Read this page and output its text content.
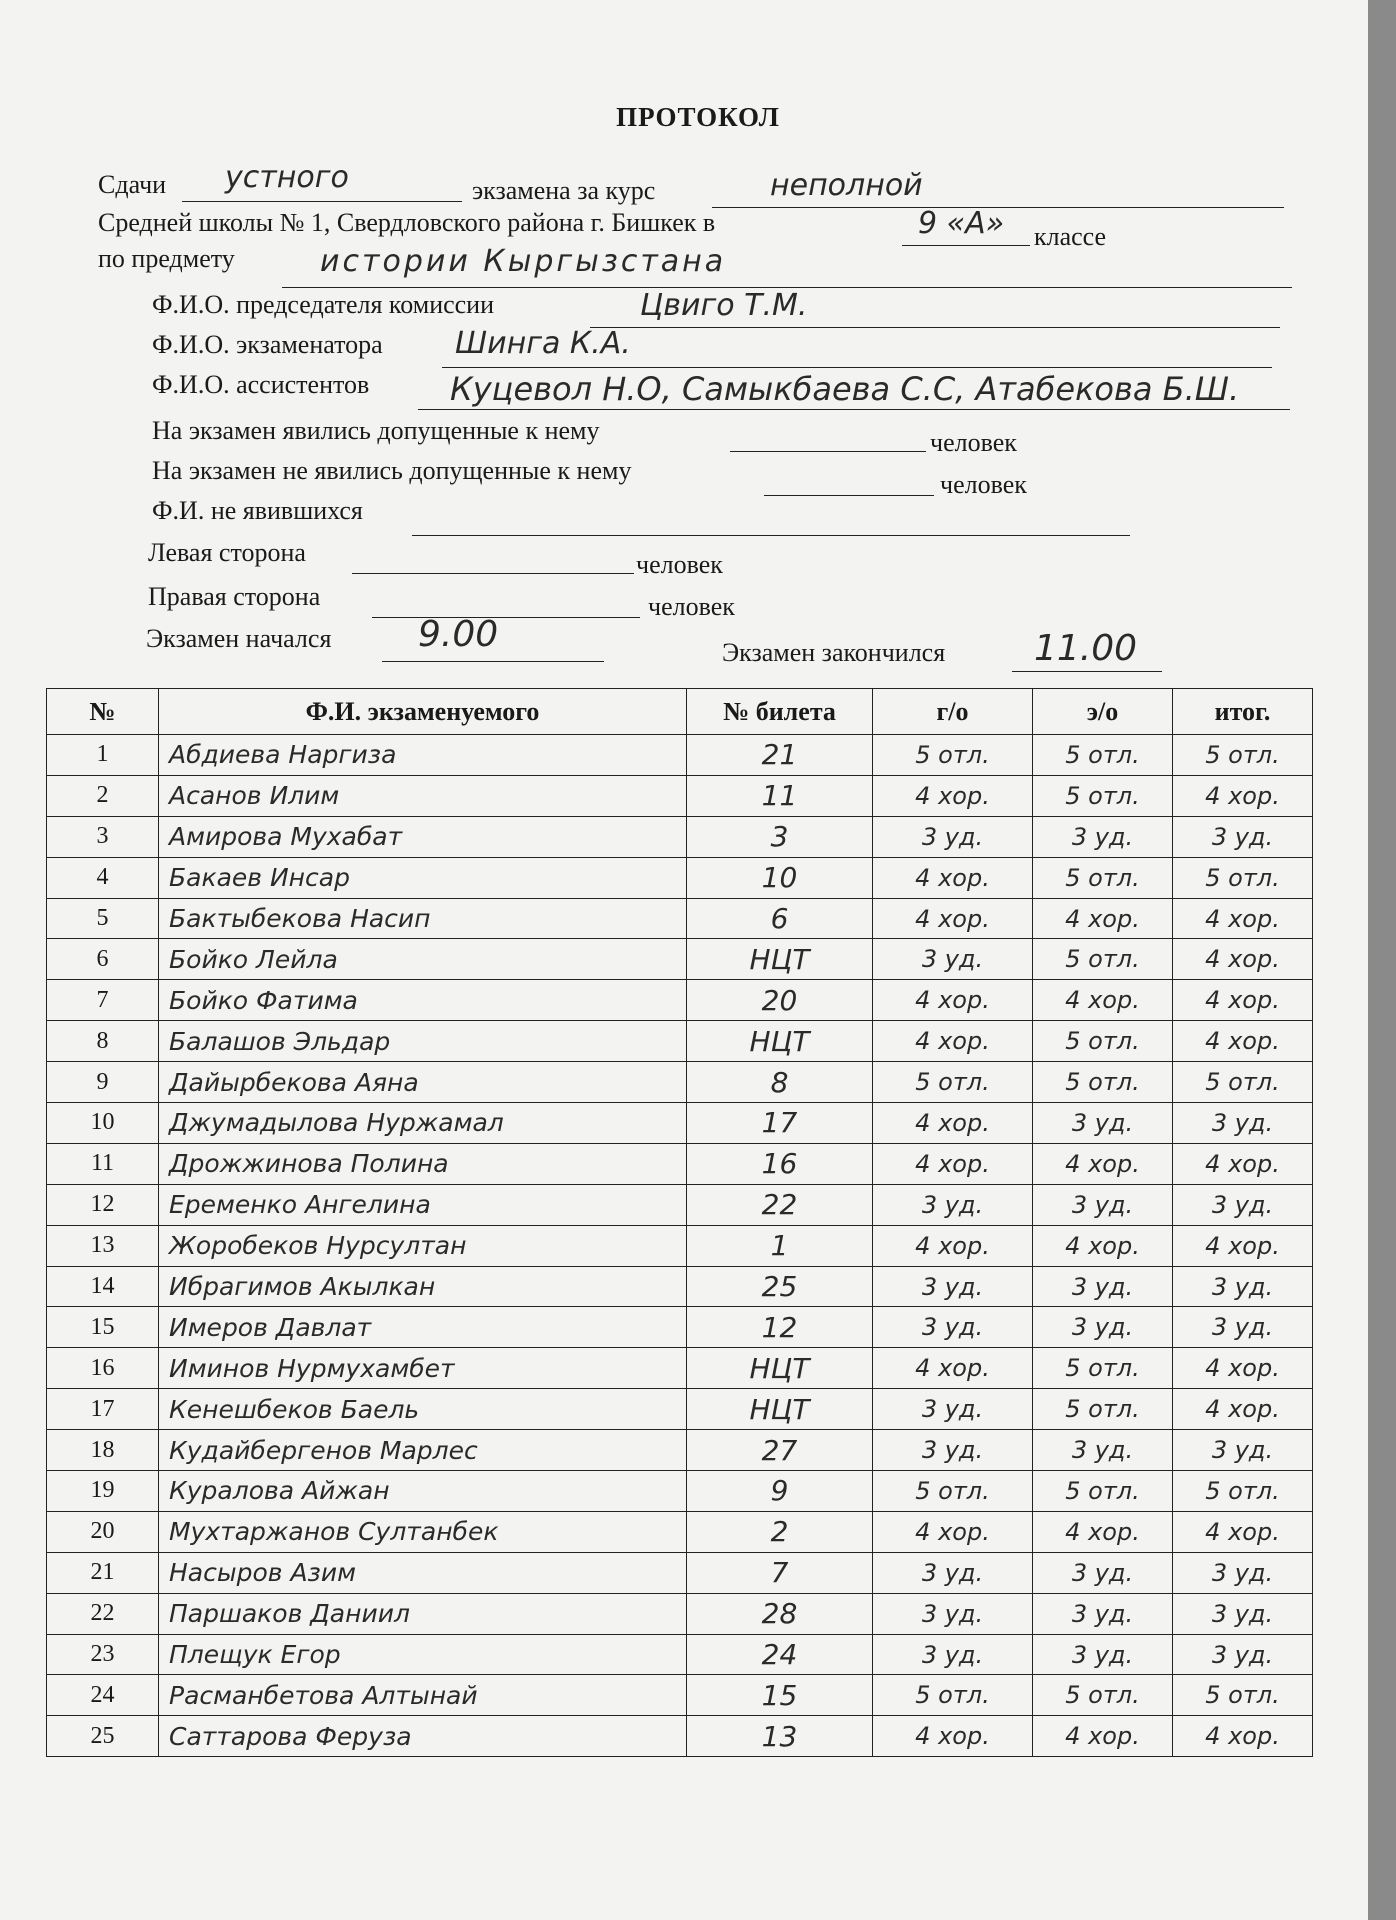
ПРОТОКОЛ
Сдачи устного	экзамена за курс	неполной
Средней школы № 1, Свердловского района г. Бишкек в	9 «А» классе
по предмету	истории Кыргызстана
Ф.И.О. председателя комиссии	Цвиго Т.М.
Ф.И.О. экзаменатора Шинга К.А.
Ф.И.О. ассистентов	Куцевол Н.О, Самыкбаева С.С, Атабекова Б.Ш.
На экзамен явились допущенные к нему	человек
На экзамен не явились допущенные к нему	человек
Ф.И. не явившихся
Левая сторона	человек
Правая сторона	человек
Экзамен начался 9.00	Экзамен закончился 11.00
№	Ф.И. экзаменуемого	№ билета	г/о	э/о	итог.
1	Абдиева Наргиза	21	5 отл.	5 отл.	5 отл.
2	Асанов Илим	11	4 хор.	5 отл.	4 хор.
3	Амирова Мухабат	3	3 уд.	3 уд.	3 уд.
4	Бакаев Инсар	10	4 хор.	5 отл.	5 отл.
5	Бактыбекова Насип	6	4 хор.	4 хор.	4 хор.
6	Бойко Лейла	НЦТ	3 уд.	5 отл.	4 хор.
7	Бойко Фатима	20	4 хор.	4 хор.	4 хор.
8	Балашов Эльдар	НЦТ	4 хор.	5 отл.	4 хор.
9	Дайырбекова Аяна	8	5 отл.	5 отл.	5 отл.
10	Джумадылова Нуржамал	17	4 хор.	3 уд.	3 уд.
11	Дрожжинова Полина	16	4 хор.	4 хор.	4 хор.
12	Еременко Ангелина	22	3 уд.	3 уд.	3 уд.
13	Жоробеков Нурсултан	1	4 хор.	4 хор.	4 хор.
14	Ибрагимов Акылкан	25	3 уд.	3 уд.	3 уд.
15	Имеров Давлат	12	3 уд.	3 уд.	3 уд.
16	Иминов Нурмухамбет	НЦТ	4 хор.	5 отл.	4 хор.
17	Кенешбеков Баель	НЦТ	3 уд.	5 отл.	4 хор.
18	Кудайбергенов Марлес	27	3 уд.	3 уд.	3 уд.
19	Куралова Айжан	9	5 отл.	5 отл.	5 отл.
20	Мухтаржанов Султанбек	2	4 хор.	4 хор.	4 хор.
21	Насыров Азим	7	3 уд.	3 уд.	3 уд.
22	Паршаков Даниил	28	3 уд.	3 уд.	3 уд.
23	Плещук Егор	24	3 уд.	3 уд.	3 уд.
24	Расманбетова Алтынай	15	5 отл.	5 отл.	5 отл.
25	Саттарова Феруза	13	4 хор.	4 хор.	4 хор.
